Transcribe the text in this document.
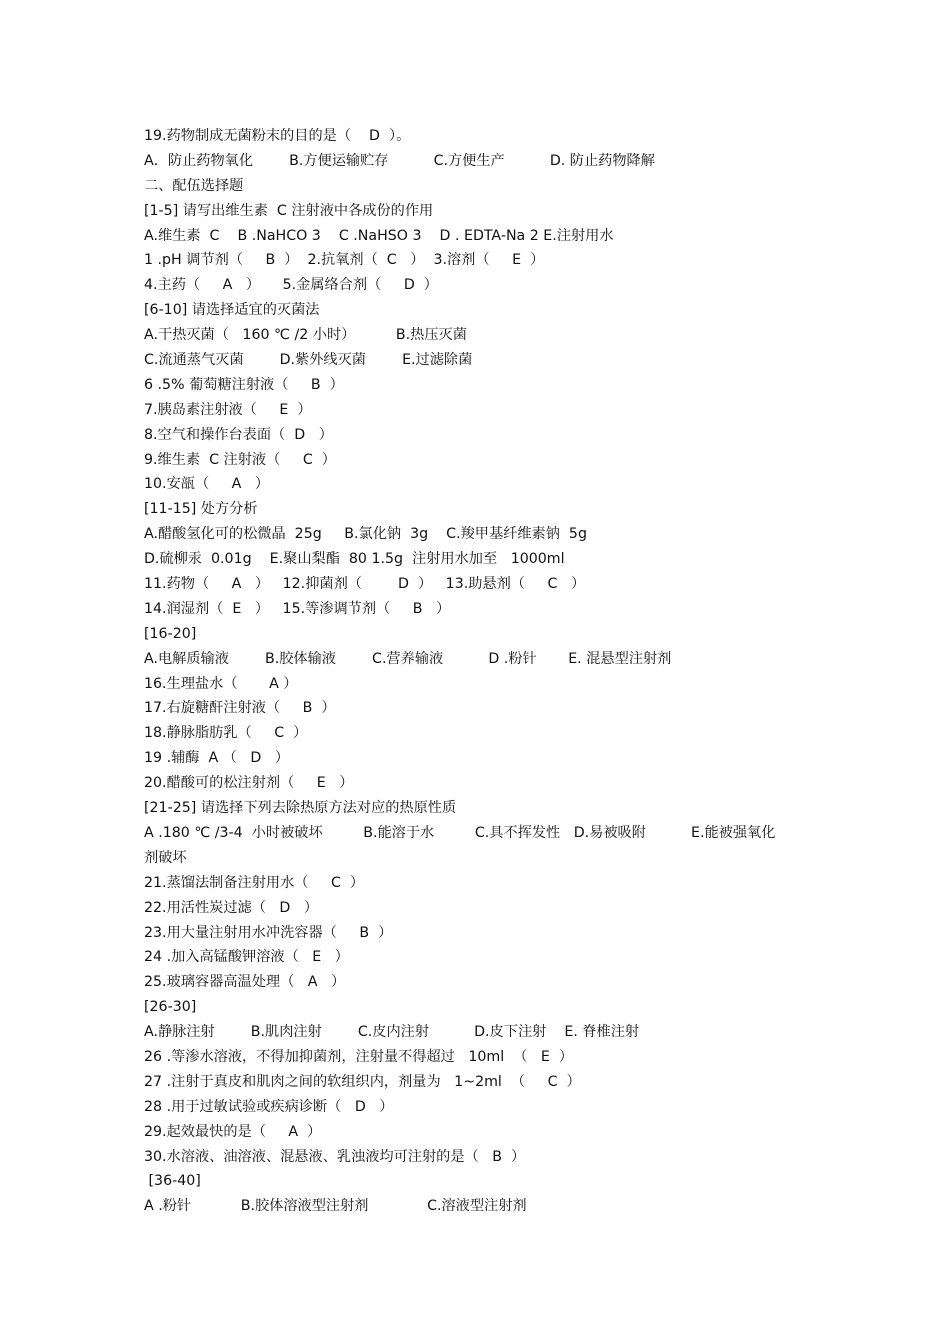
19.药物制成无菌粉末的目的是（    D  ）。
A．防止药物氧化        B.方便运输贮存          C.方便生产          D. 防止药物降解
二、配伍选择题
[1-5] 请写出维生素  C 注射液中各成份的作用
A.维生素  C    B .NaHCO 3    C .NaHSO 3    D . EDTA-Na 2 E.注射用水
1 .pH 调节剂（     B  ）  2.抗氧剂（  C   ）  3.溶剂（     E  ）
4.主药（     A   ）     5.金属络合剂（     D  ）
[6-10] 请选择适宜的灭菌法
A.干热灭菌（   160 ℃ /2 小时）         B.热压灭菌
C.流通蒸气灭菌        D.紫外线灭菌        E.过滤除菌
6 .5% 葡萄糖注射液（     B  ）
7.胰岛素注射液（     E  ）
8.空气和操作台表面（  D   ）
9.维生素  C 注射液（     C  ）
10.安瓿（     A   ）
[11-15] 处方分析
A.醋酸氢化可的松微晶  25g     B.氯化钠  3g    C.羧甲基纤维素钠  5g
D.硫柳汞  0.01g    E.聚山梨酯  80 1.5g  注射用水加至   1000ml
11.药物（     A   ）   12.抑菌剂（        D  ）   13.助悬剂（     C   ）
14.润湿剂（  E   ）   15.等渗调节剂（     B   ）
[16-20]
A.电解质输液        B.胶体输液        C.营养输液          D .粉针       E. 混悬型注射剂
16.生理盐水（       A ）
17.右旋糖酐注射液（     B  ）
18.静脉脂肪乳（     C  ）
19 .辅酶  A （   D   ）
20.醋酸可的松注射剂（     E   ）
[21-25] 请选择下列去除热原方法对应的热原性质
A .180 ℃ /3-4  小时被破坏         B.能溶于水         C.具不挥发性   D.易被吸附          E.能被强氧化
剂破坏
21.蒸馏法制备注射用水（     C  ）
22.用活性炭过滤（   D   ）
23.用大量注射用水冲洗容器（     B  ）
24 .加入高锰酸钾溶液（   E   ）
25.玻璃容器高温处理（   A   ）
[26-30]
A.静脉注射        B.肌肉注射        C.皮内注射          D.皮下注射    E. 脊椎注射
26 .等渗水溶液，不得加抑菌剂，注射量不得超过   10ml  （   E  ）
27 .注射于真皮和肌肉之间的软组织内，剂量为   1~2ml  （     C  ）
28 .用于过敏试验或疾病诊断（   D   ）
29.起效最快的是（     A  ）
30.水溶液、油溶液、混悬液、乳浊液均可注射的是（   B  ）
[36-40]
A .粉针           B.胶体溶液型注射剂             C.溶液型注射剂
